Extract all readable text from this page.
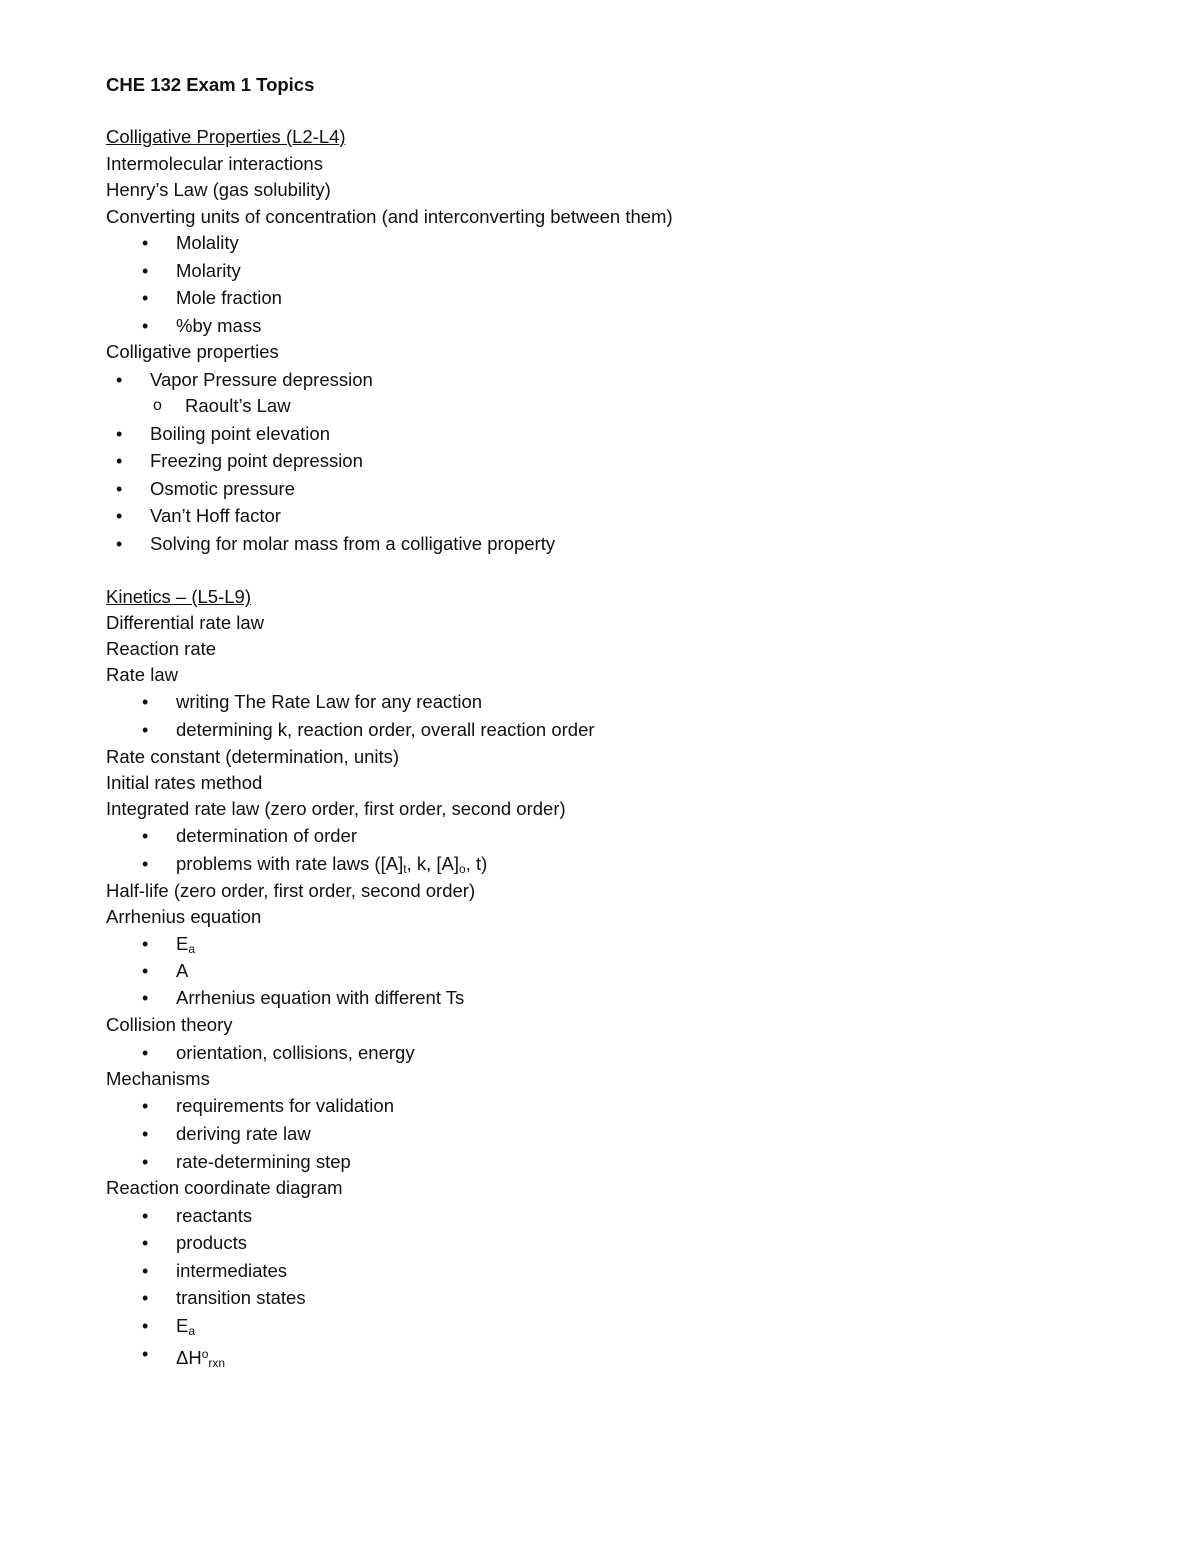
CHE 132 Exam 1 Topics
Colligative Properties (L2-L4)
Intermolecular interactions
Henry’s Law (gas solubility)
Converting units of concentration (and interconverting between them)
• Molality
• Molarity
• Mole fraction
• %by mass
Colligative properties
• Vapor Pressure depression
o Raoult’s Law
• Boiling point elevation
• Freezing point depression
• Osmotic pressure
• Van’t Hoff factor
• Solving for molar mass from a colligative property
Kinetics – (L5-L9)
Differential rate law
Reaction rate
Rate law
• writing The Rate Law for any reaction
• determining k, reaction order, overall reaction order
Rate constant (determination, units)
Initial rates method
Integrated rate law (zero order, first order, second order)
• determination of order
• problems with rate laws ($[A]_t$, k, $[A]_o$, t)
Half-life (zero order, first order, second order)
Arrhenius equation
• $E_a$
• A
• Arrhenius equation with different Ts
Collision theory
• orientation, collisions, energy
Mechanisms
• requirements for validation
• deriving rate law
• rate-determining step
Reaction coordinate diagram
• reactants
• products
• intermediates
• transition states
• $E_a$
• $\Delta H^o_{rxn}$
